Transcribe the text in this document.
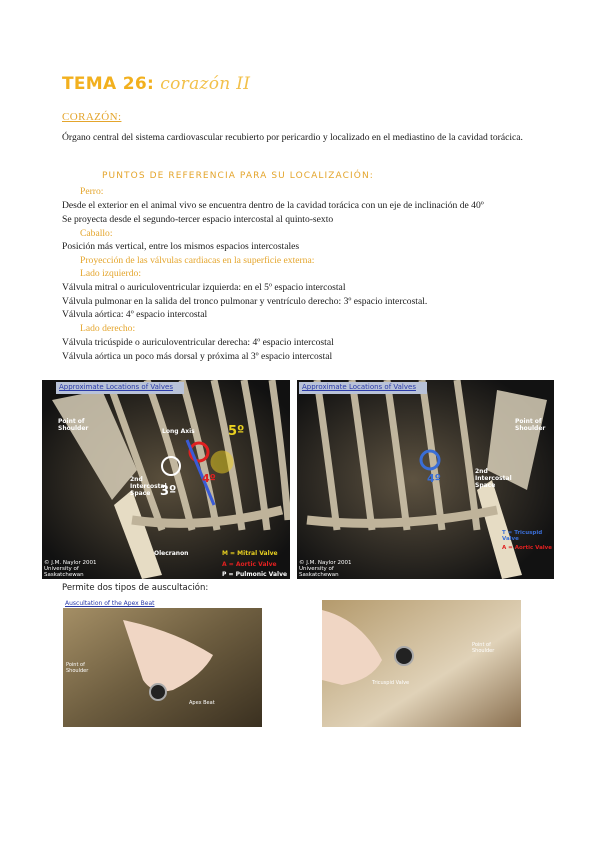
TEMA 26: corazón II
CORAZÓN:
Órgano central del sistema cardiovascular recubierto por pericardio y localizado en el mediastino de la cavidad torácica.
PUNTOS DE REFERENCIA PARA SU LOCALIZACIÓN:
Perro:
Desde el exterior en el animal vivo se encuentra dentro de la cavidad torácica con un eje de inclinación de 40º
Se proyecta desde el segundo-tercer espacio intercostal al quinto-sexto
Caballo:
Posición más vertical, entre los mismos espacios intercostales
Proyección de las válvulas cardiacas en la superficie externa:
Lado izquierdo:
Válvula mitral o auriculoventricular izquierda: en el 5º espacio intercostal
Válvula pulmonar en la salida del tronco pulmonar y ventrículo derecho: 3º espacio intercostal.
Válvula aórtica: 4º espacio intercostal
Lado derecho:
Válvula tricúspide o auriculoventricular derecha: 4º espacio intercostal
Válvula aórtica un poco más dorsal y próxima al 3º espacio intercostal
Approximate Locations of Valves
Point of Shoulder	Long Axis
2nd Intercostal Space
5º
4º
3º
Olecranon	M = Mitral Valve
A = Aortic Valve
P = Pulmonic Valve
© J.M. Naylor 2001 University of Saskatchewan
Approximate Locations of Valves
Point of Shoulder
2nd Intercostal Space
4º
T = Tricuspid Valve
A = Aortic Valve
© J.M. Naylor 2001 University of Saskatchewan
Permite dos tipos de auscultación:
Auscultation of the Apex Beat
Point of Shoulder
Apex Beat
Point of Shoulder
Tricuspid Valve
